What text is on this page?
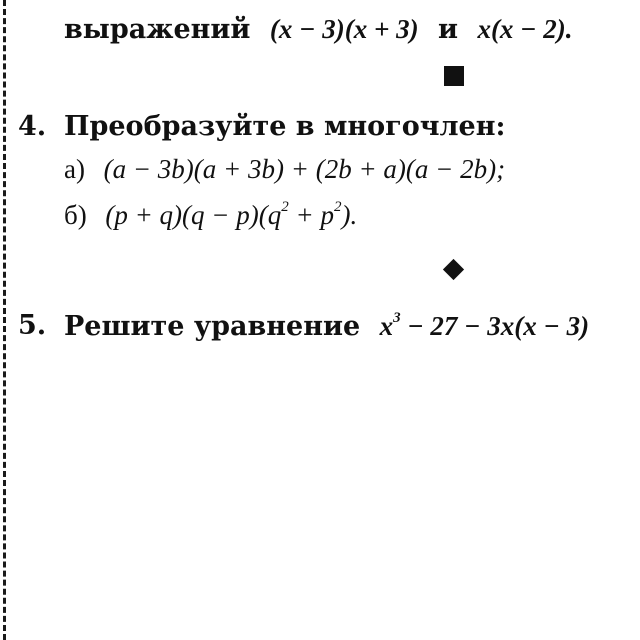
выражений (x − 3)(x + 3) и x(x − 2).
4. Преобразуйте в многочлен:
а) (a − 3b)(a + 3b) + (2b + a)(a − 2b);
б) $(p + q)(q - p)(q^2 + p^2)$.
5. Решите уравнение $x^3 - 27 - 3x(x - 3)$
